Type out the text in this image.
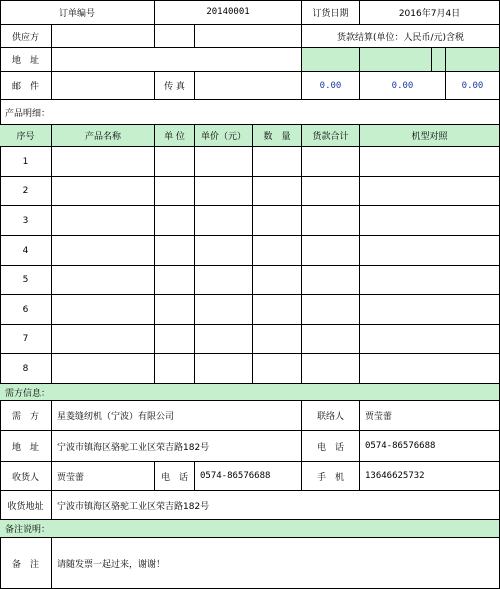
订单编号	20140001	订货日期	2016年7月4日
供应方	货款结算(单位：人民币/元)含税
地　址
邮　件	传 真	0.00	0.00	0.00
产品明细：
序号	产品名称	单 位	单价（元）	数　量	货款合计	机型对照
1
2
3
4
5
6
7
8
需方信息：
需　方	星菱缝纫机（宁波）有限公司	联络人	贾莹蕾
地　址	宁波市镇海区骆驼工业区荣吉路182号	电　话	0574-86576688
收货人	贾莹蕾	电　话	0574-86576688	手　机	13646625732
收货地址	宁波市镇海区骆驼工业区荣吉路182号
备注说明：
备　注	请随发票一起过来，谢谢！
